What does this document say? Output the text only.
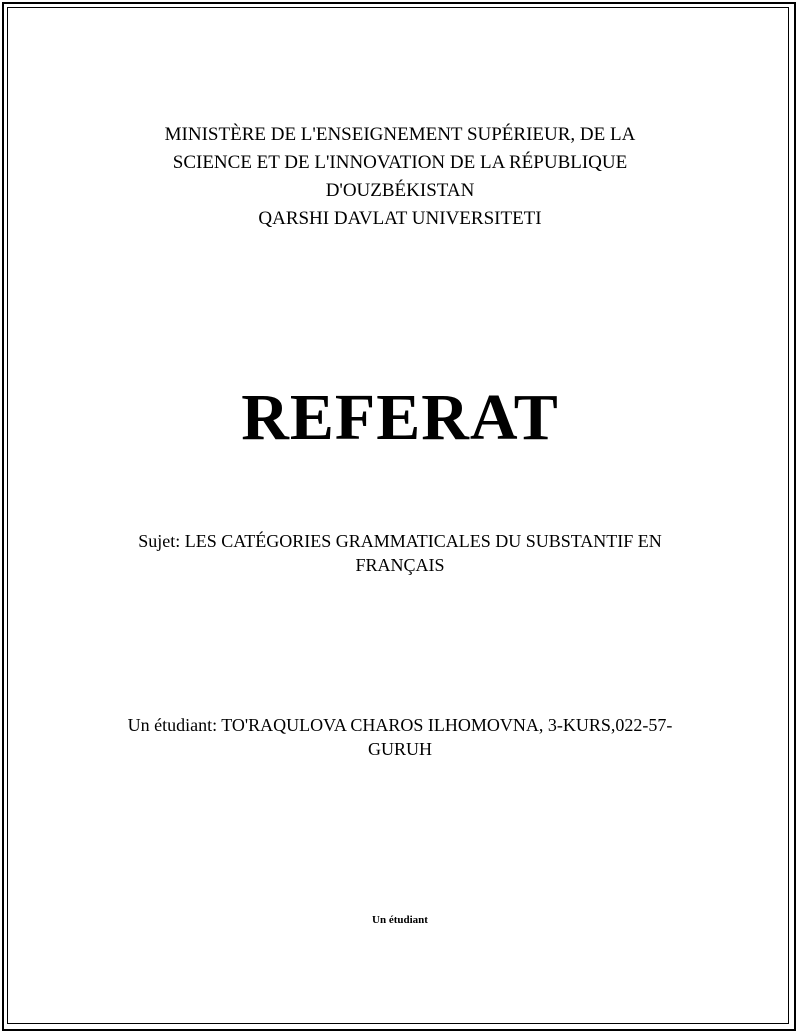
MINISTÈRE DE L'ENSEIGNEMENT SUPÉRIEUR, DE LA
SCIENCE ET DE L'INNOVATION DE LA RÉPUBLIQUE
D'OUZBÉKISTAN
QARSHI DAVLAT UNIVERSITETI
REFERAT
Sujet: LES CATÉGORIES GRAMMATICALES DU SUBSTANTIF EN FRANÇAIS
Un étudiant: TO'RAQULOVA CHAROS ILHOMOVNA, 3-KURS,022-57-GURUH
Un étudiant
